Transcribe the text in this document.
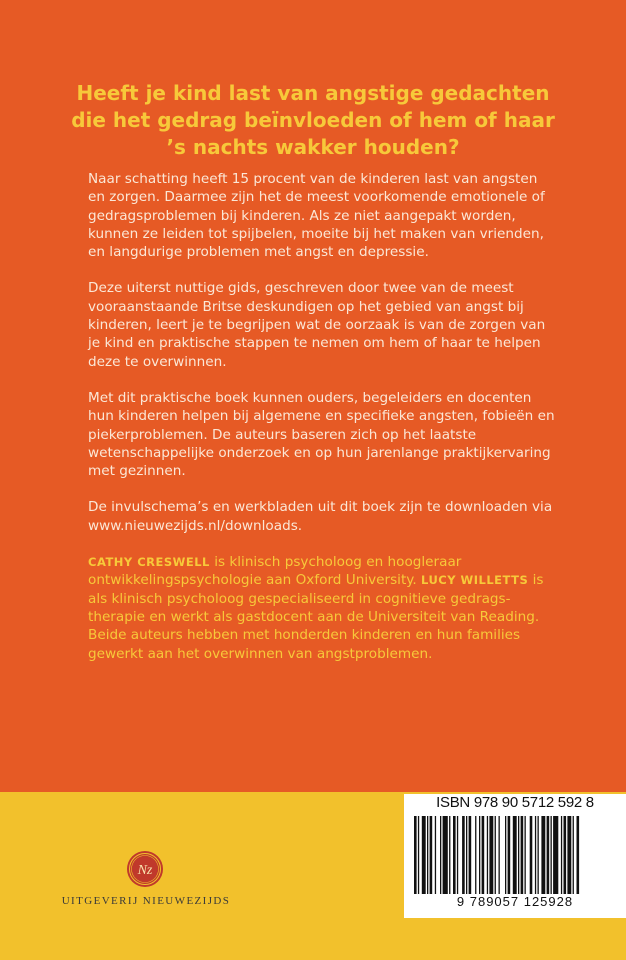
Heeft je kind last van angstige gedachten
die het gedrag beïnvloeden of hem of haar
’s nachts wakker houden?

Naar schatting heeft 15 procent van de kinderen last van angsten en zorgen. Daarmee zijn het de meest voorkomende emotionele of gedragsproblemen bij kinderen. Als ze niet aangepakt worden, kunnen ze leiden tot spijbelen, moeite bij het maken van vrienden, en langdurige problemen met angst en depressie.

Deze uiterst nuttige gids, geschreven door twee van de meest vooraanstaande Britse deskundigen op het gebied van angst bij kinderen, leert je te begrijpen wat de oorzaak is van de zorgen van je kind en praktische stappen te nemen om hem of haar te helpen deze te overwinnen.

Met dit praktische boek kunnen ouders, begeleiders en docenten hun kinderen helpen bij algemene en specifieke angsten, fobieën en piekerproblemen. De auteurs baseren zich op het laatste wetenschappelijke onderzoek en op hun jarenlange praktijkervaring met gezinnen.

De invulschema’s en werkbladen uit dit boek zijn te downloaden via www.nieuwezijds.nl/downloads.

CATHY CRESWELL is klinisch psycholoog en hoogleraar ontwikkelingspsychologie aan Oxford University. LUCY WILLETTS is als klinisch psycholoog gespecialiseerd in cognitieve gedragstherapie en werkt als gastdocent aan de Universiteit van Reading. Beide auteurs hebben met honderden kinderen en hun families gewerkt aan het overwinnen van angstproblemen.

ISBN 978 90 5712 592 8
9 789057 125928
Nz
UITGEVERIJ NIEUWEZIJDS
